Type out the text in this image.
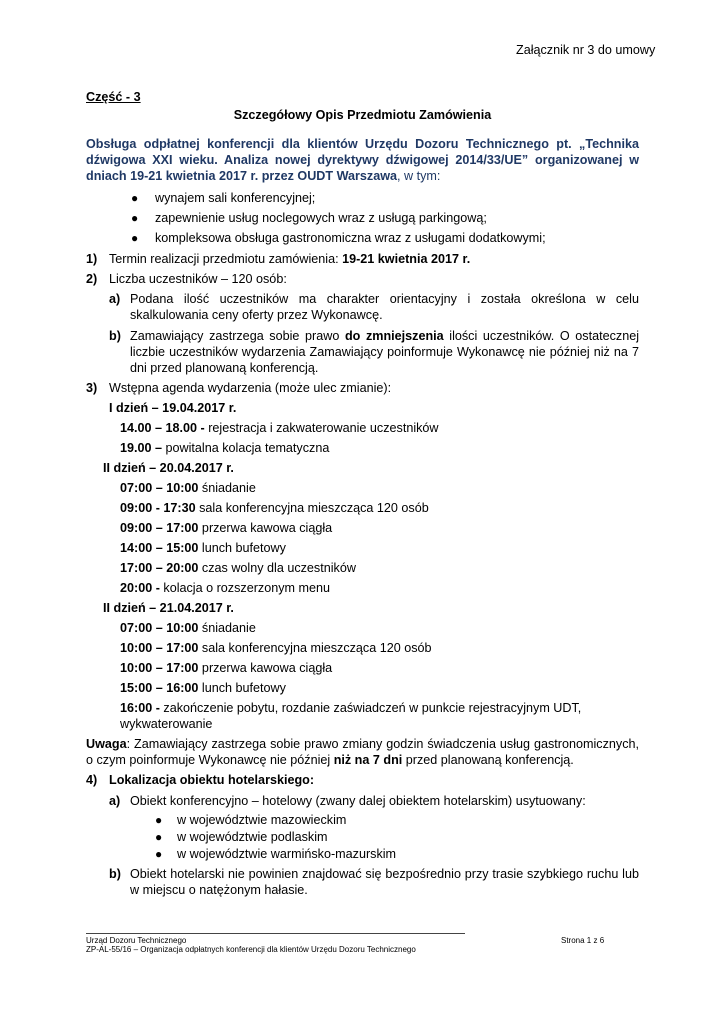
Załącznik nr 3 do umowy
Część - 3
Szczegółowy Opis Przedmiotu Zamówienia
Obsługa odpłatnej konferencji dla klientów Urzędu Dozoru Technicznego pt. „Technika dźwigowa XXI wieku. Analiza nowej dyrektywy dźwigowej 2014/33/UE” organizowanej w dniach 19-21 kwietnia 2017 r. przez OUDT Warszawa, w tym:
● wynajem sali konferencyjnej;
● zapewnienie usług noclegowych wraz z usługą parkingową;
● kompleksowa obsługa gastronomiczna wraz z usługami dodatkowymi;
1) Termin realizacji przedmiotu zamówienia: 19-21 kwietnia 2017 r.
2) Liczba uczestników – 120 osób:
a) Podana ilość uczestników ma charakter orientacyjny i została określona w celu skalkulowania ceny oferty przez Wykonawcę.
b) Zamawiający zastrzega sobie prawo do zmniejszenia ilości uczestników. O ostatecznej liczbie uczestników wydarzenia Zamawiający poinformuje Wykonawcę nie później niż na 7 dni przed planowaną konferencją.
3) Wstępna agenda wydarzenia (może ulec zmianie):
I dzień – 19.04.2017 r.
14.00 – 18.00 - rejestracja i zakwaterowanie uczestników
19.00 – powitalna kolacja tematyczna
II dzień – 20.04.2017 r.
07:00 – 10:00 śniadanie
09:00 - 17:30 sala konferencyjna mieszcząca 120 osób
09:00 – 17:00 przerwa kawowa ciągła
14:00 – 15:00 lunch bufetowy
17:00 – 20:00 czas wolny dla uczestników
20:00 - kolacja o rozszerzonym menu
II dzień – 21.04.2017 r.
07:00 – 10:00 śniadanie
10:00 – 17:00 sala konferencyjna mieszcząca 120 osób
10:00 – 17:00 przerwa kawowa ciągła
15:00 – 16:00 lunch bufetowy
16:00 - zakończenie pobytu, rozdanie zaświadczeń w punkcie rejestracyjnym UDT,
wykwaterowanie
Uwaga: Zamawiający zastrzega sobie prawo zmiany godzin świadczenia usług gastronomicznych, o czym poinformuje Wykonawcę nie później niż na 7 dni przed planowaną konferencją.
4) Lokalizacja obiektu hotelarskiego:
a) Obiekt konferencyjno – hotelowy (zwany dalej obiektem hotelarskim) usytuowany:
● w województwie mazowieckim
● w województwie podlaskim
● w województwie warmińsko-mazurskim
b) Obiekt hotelarski nie powinien znajdować się bezpośrednio przy trasie szybkiego ruchu lub w miejscu o natężonym hałasie.
Urząd Dozoru Technicznego	Strona 1 z 6
ZP-AL-55/16 – Organizacja odpłatnych konferencji dla klientów Urzędu Dozoru Technicznego
